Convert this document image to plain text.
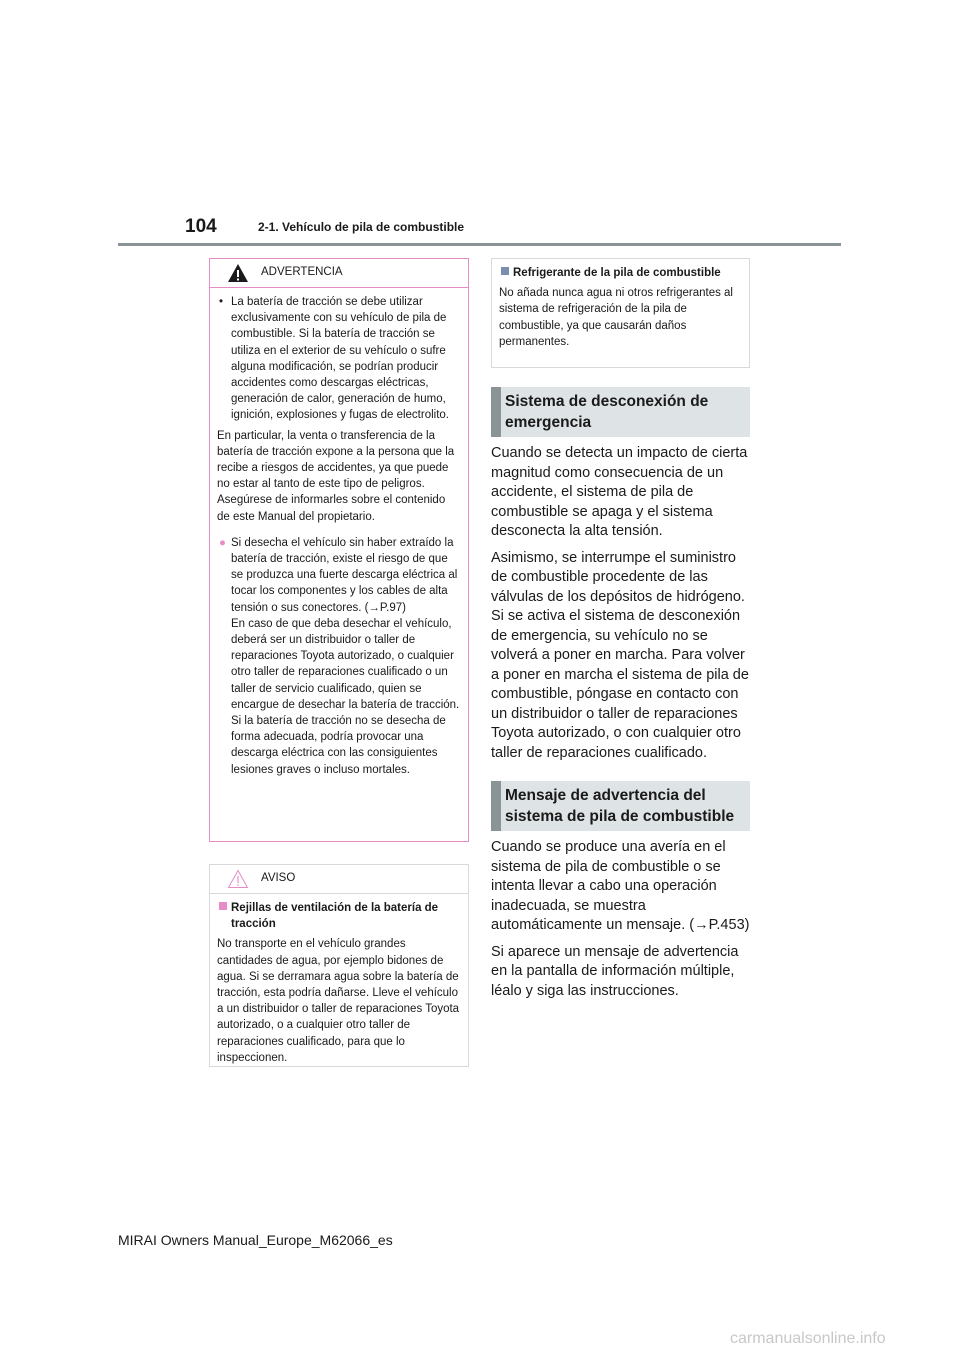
104	2-1. Vehículo de pila de combustible
ADVERTENCIA

• La batería de tracción se debe utilizar exclusivamente con su vehículo de pila de combustible. Si la batería de tracción se utiliza en el exterior de su vehículo o sufre alguna modificación, se podrían producir accidentes como descargas eléctricas, generación de calor, generación de humo, ignición, explosiones y fugas de electrolito.

En particular, la venta o transferencia de la batería de tracción expone a la persona que la recibe a riesgos de accidentes, ya que puede no estar al tanto de este tipo de peligros. Asegúrese de informarles sobre el contenido de este Manual del propietario.

● Si desecha el vehículo sin haber extraído la batería de tracción, existe el riesgo de que se produzca una fuerte descarga eléctrica al tocar los componentes y los cables de alta tensión o sus conectores. (→P.97)

En caso de que deba desechar el vehículo, deberá ser un distribuidor o taller de reparaciones Toyota autorizado, o cualquier otro taller de reparaciones cualificado o un taller de servicio cualificado, quien se encargue de desechar la batería de tracción. Si la batería de tracción no se desecha de forma adecuada, podría provocar una descarga eléctrica con las consiguientes lesiones graves o incluso mortales.

AVISO

Rejillas de ventilación de la batería de tracción

No transporte en el vehículo grandes cantidades de agua, por ejemplo bidones de agua. Si se derramara agua sobre la batería de tracción, esta podría dañarse. Lleve el vehículo a un distribuidor o taller de reparaciones Toyota autorizado, o a cualquier otro taller de reparaciones cualificado, para que lo inspeccionen.

Refrigerante de la pila de combustible

No añada nunca agua ni otros refrigerantes al sistema de refrigeración de la pila de combustible, ya que causarán daños permanentes.

Sistema de desconexión de emergencia

Cuando se detecta un impacto de cierta magnitud como consecuencia de un accidente, el sistema de pila de combustible se apaga y el sistema desconecta la alta tensión.

Asimismo, se interrumpe el suministro de combustible procedente de las válvulas de los depósitos de hidrógeno. Si se activa el sistema de desconexión de emergencia, su vehículo no se volverá a poner en marcha. Para volver a poner en marcha el sistema de pila de combustible, póngase en contacto con un distribuidor o taller de reparaciones Toyota autorizado, o con cualquier otro taller de reparaciones cualificado.

Mensaje de advertencia del sistema de pila de combustible

Cuando se produce una avería en el sistema de pila de combustible o se intenta llevar a cabo una operación inadecuada, se muestra automáticamente un mensaje. (→P.453)

Si aparece un mensaje de advertencia en la pantalla de información múltiple, léalo y siga las instrucciones.

MIRAI Owners Manual_Europe_M62066_es
carmanualsonline.info
